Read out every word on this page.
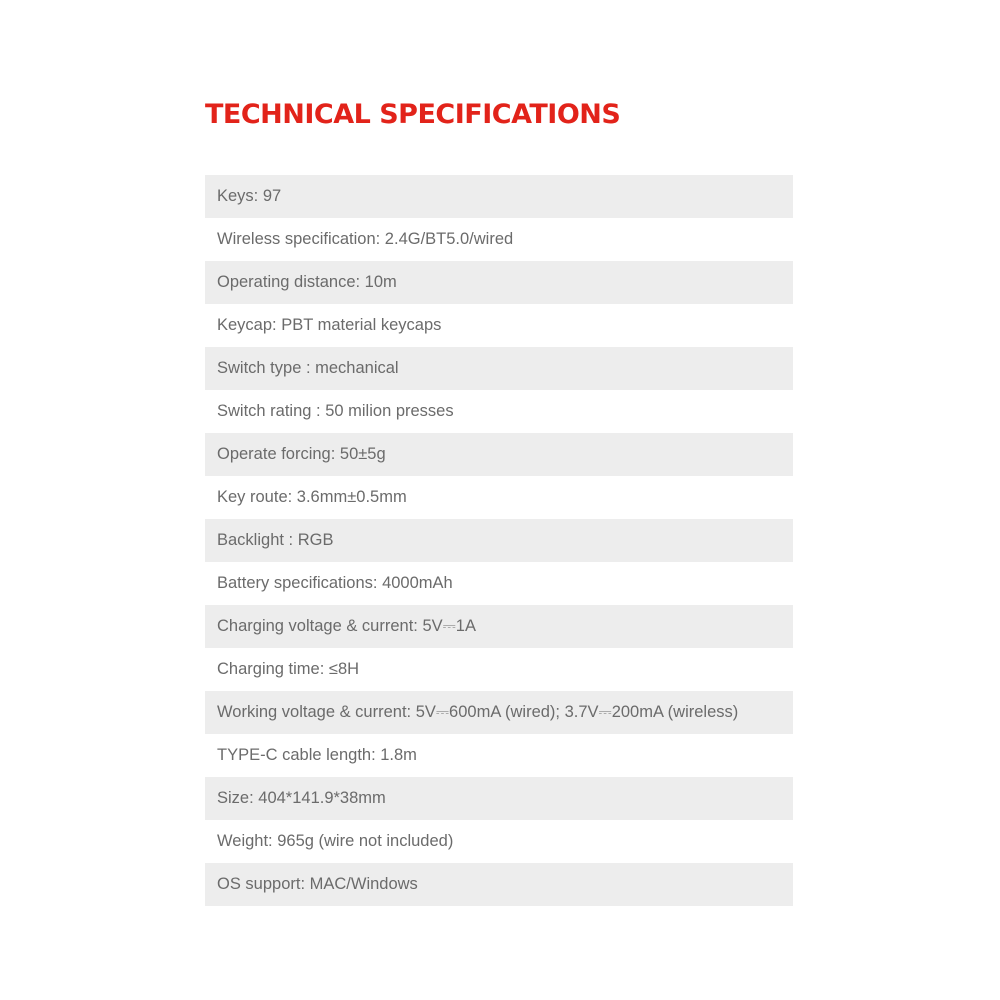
TECHNICAL SPECIFICATIONS
Keys: 97
Wireless specification: 2.4G/BT5.0/wired
Operating distance: 10m
Keycap: PBT material keycaps
Switch type : mechanical
Switch rating : 50 milion presses
Operate forcing: 50±5g
Key route: 3.6mm±0.5mm
Backlight : RGB
Battery specifications: 4000mAh
Charging voltage & current: 5V⎓1A
Charging time: ≤8H
Working voltage & current: 5V⎓600mA (wired); 3.7V⎓200mA (wireless)
TYPE-C cable length: 1.8m
Size: 404*141.9*38mm
Weight: 965g (wire not included)
OS support: MAC/Windows
